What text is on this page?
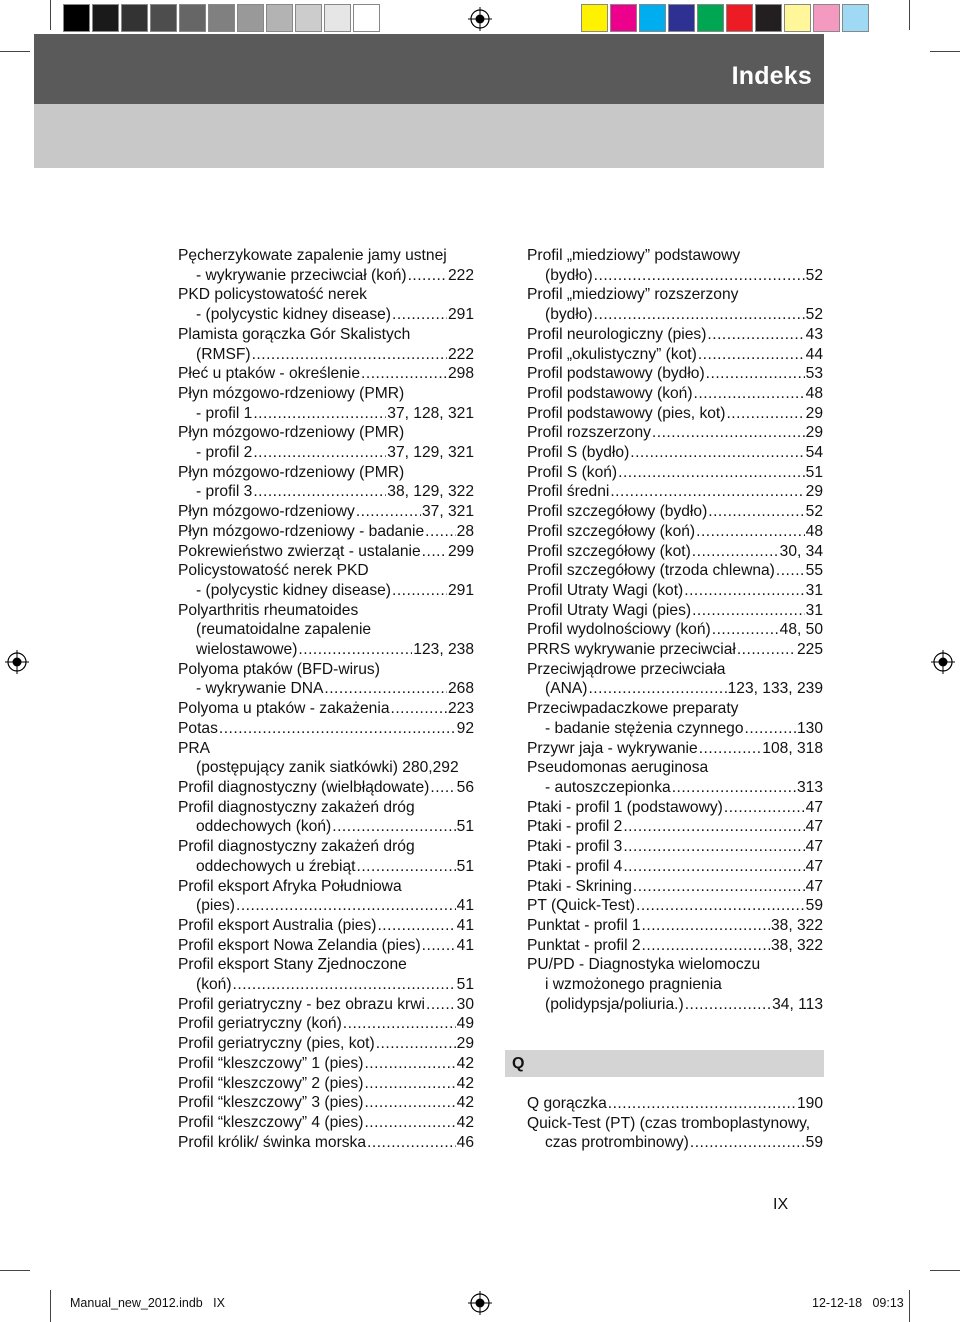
Indeks
Pęcherzykowate zapalenie jamy ustnej
- wykrywanie przeciwciał (koń) .....	222
PKD policystowatość nerek
- (polycystic kidney disease) .....	291
Plamista gorączka Gór Skalistych
(RMSF) .....	222
Płeć u ptaków - określenie .....	298
Płyn mózgowo-rdzeniowy (PMR)
- profil 1 .....	37, 128, 321
Płyn mózgowo-rdzeniowy (PMR)
- profil 2 .....	37, 129, 321
Płyn mózgowo-rdzeniowy (PMR)
- profil 3 .....	38, 129, 322
Płyn mózgowo-rdzeniowy .....	37, 321
Płyn mózgowo-rdzeniowy - badanie ..... 28
Pokrewieństwo zwierząt - ustalanie ..... 299
Policystowatość nerek PKD
- (polycystic kidney disease) .....	291
Polyarthritis rheumatoides
(reumatoidalne zapalenie
wielostawowe) .....	123, 238
Polyoma ptaków (BFD-wirus)
- wykrywanie DNA .....	268
Polyoma u ptaków - zakażenia .....	223
Potas .....	92
PRA
(postępujący zanik siatkówki) 280,292
Profil diagnostyczny (wielbłądowate) ..... 56
Profil diagnostyczny zakażeń dróg
oddechowych (koń) .....	51
Profil diagnostyczny zakażeń dróg
oddechowych u źrebiąt .....	51
Profil eksport Afryka Południowa
(pies) .....	41
Profil eksport Australia (pies) .....	41
Profil eksport Nowa Zelandia (pies) ..... 41
Profil eksport Stany Zjednoczone
(koń) .....	51
Profil geriatryczny - bez obrazu krwi ..... 30
Profil geriatryczny (koń) .....	49
Profil geriatryczny (pies, kot) .....	29
Profil “kleszczowy” 1 (pies) .....	42
Profil “kleszczowy” 2 (pies) .....	42
Profil “kleszczowy” 3 (pies) .....	42
Profil “kleszczowy” 4 (pies) .....	42
Profil królik/ świnka morska .....	46
Profil „miedziowy” podstawowy
(bydło) .....	52
Profil „miedziowy” rozszerzony
(bydło) .....	52
Profil neurologiczny (pies) .....	43
Profil „okulistyczny” (kot) .....	44
Profil podstawowy (bydło) .....	53
Profil podstawowy (koń) .....	48
Profil podstawowy (pies, kot) .....	29
Profil rozszerzony .....	29
Profil S (bydło) .....	54
Profil S (koń) .....	51
Profil średni .....	29
Profil szczegółowy (bydło) .....	52
Profil szczegółowy (koń) .....	48
Profil szczegółowy (kot) .....	30, 34
Profil szczegółowy (trzoda chlewna) ..... 55
Profil Utraty Wagi (kot) .....	31
Profil Utraty Wagi (pies) .....	31
Profil wydolnościowy (koń) .....	48, 50
PRRS wykrywanie przeciwciał .....	225
Przeciwjądrowe przeciwciała
(ANA) .....	123, 133, 239
Przeciwpadaczkowe preparaty
- badanie stężenia czynnego .....	130
Przywr jaja - wykrywanie .....	108, 318
Pseudomonas aeruginosa
- autoszczepionka .....	313
Ptaki - profil 1 (podstawowy) .....	47
Ptaki - profil 2 .....	47
Ptaki - profil 3 .....	47
Ptaki - profil 4 .....	47
Ptaki - Skrining .....	47
PT (Quick-Test) .....	59
Punktat - profil 1 .....	38, 322
Punktat - profil 2 .....	38, 322
PU/PD - Diagnostyka wielomoczu
i wzmożonego pragnienia
(polidypsja/poliuria.) .....	34, 113
Q
Q gorączka .....	190
Quick-Test (PT) (czas tromboplastynowy,
czas protrombinowy) .....	59
IX
Manual_new_2012.indb   IX	12-12-18   09:13
